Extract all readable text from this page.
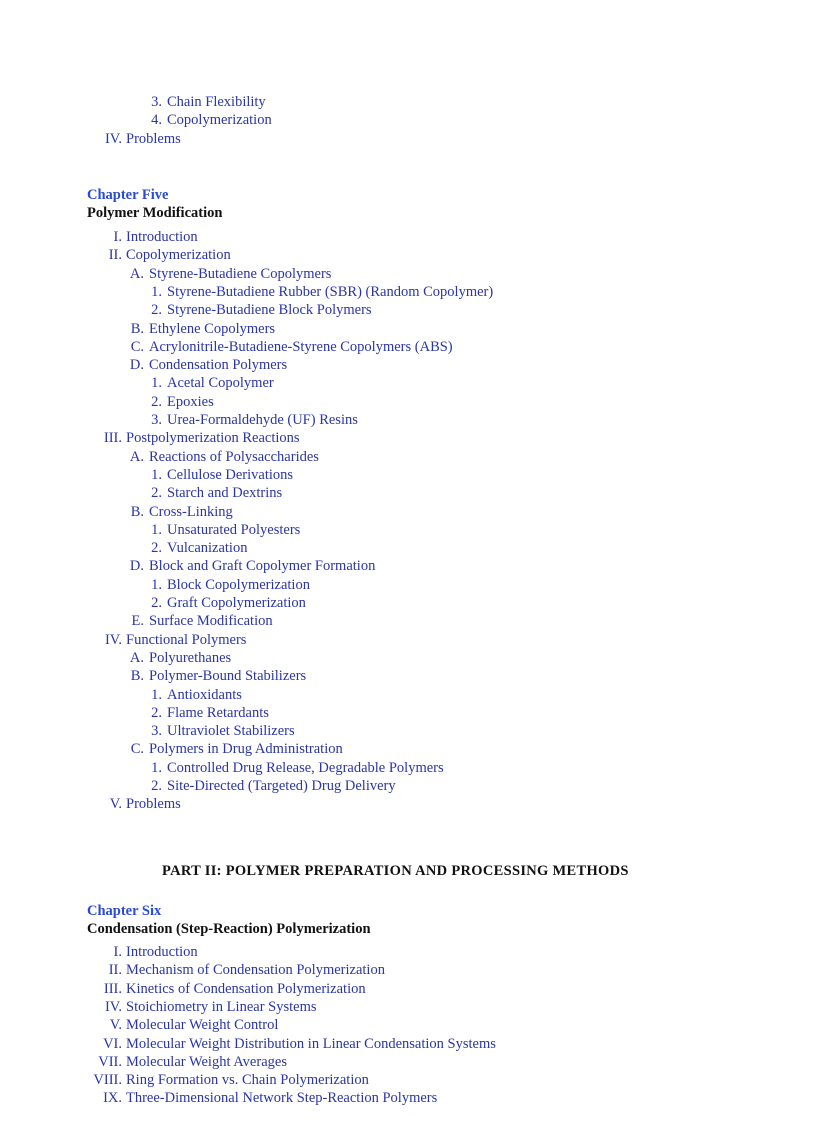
3. Chain Flexibility
4. Copolymerization
IV. Problems
Chapter Five
Polymer Modification
I. Introduction
II. Copolymerization
A. Styrene-Butadiene Copolymers
1. Styrene-Butadiene Rubber (SBR) (Random Copolymer)
2. Styrene-Butadiene Block Polymers
B. Ethylene Copolymers
C. Acrylonitrile-Butadiene-Styrene Copolymers (ABS)
D. Condensation Polymers
1. Acetal Copolymer
2. Epoxies
3. Urea-Formaldehyde (UF) Resins
III. Postpolymerization Reactions
A. Reactions of Polysaccharides
1. Cellulose Derivations
2. Starch and Dextrins
B. Cross-Linking
1. Unsaturated Polyesters
2. Vulcanization
D. Block and Graft Copolymer Formation
1. Block Copolymerization
2. Graft Copolymerization
E. Surface Modification
IV. Functional Polymers
A. Polyurethanes
B. Polymer-Bound Stabilizers
1. Antioxidants
2. Flame Retardants
3. Ultraviolet Stabilizers
C. Polymers in Drug Administration
1. Controlled Drug Release, Degradable Polymers
2. Site-Directed (Targeted) Drug Delivery
V. Problems
PART II: POLYMER PREPARATION AND PROCESSING METHODS
Chapter Six
Condensation (Step-Reaction) Polymerization
I. Introduction
II. Mechanism of Condensation Polymerization
III. Kinetics of Condensation Polymerization
IV. Stoichiometry in Linear Systems
V. Molecular Weight Control
VI. Molecular Weight Distribution in Linear Condensation Systems
VII. Molecular Weight Averages
VIII. Ring Formation vs. Chain Polymerization
IX. Three-Dimensional Network Step-Reaction Polymers
